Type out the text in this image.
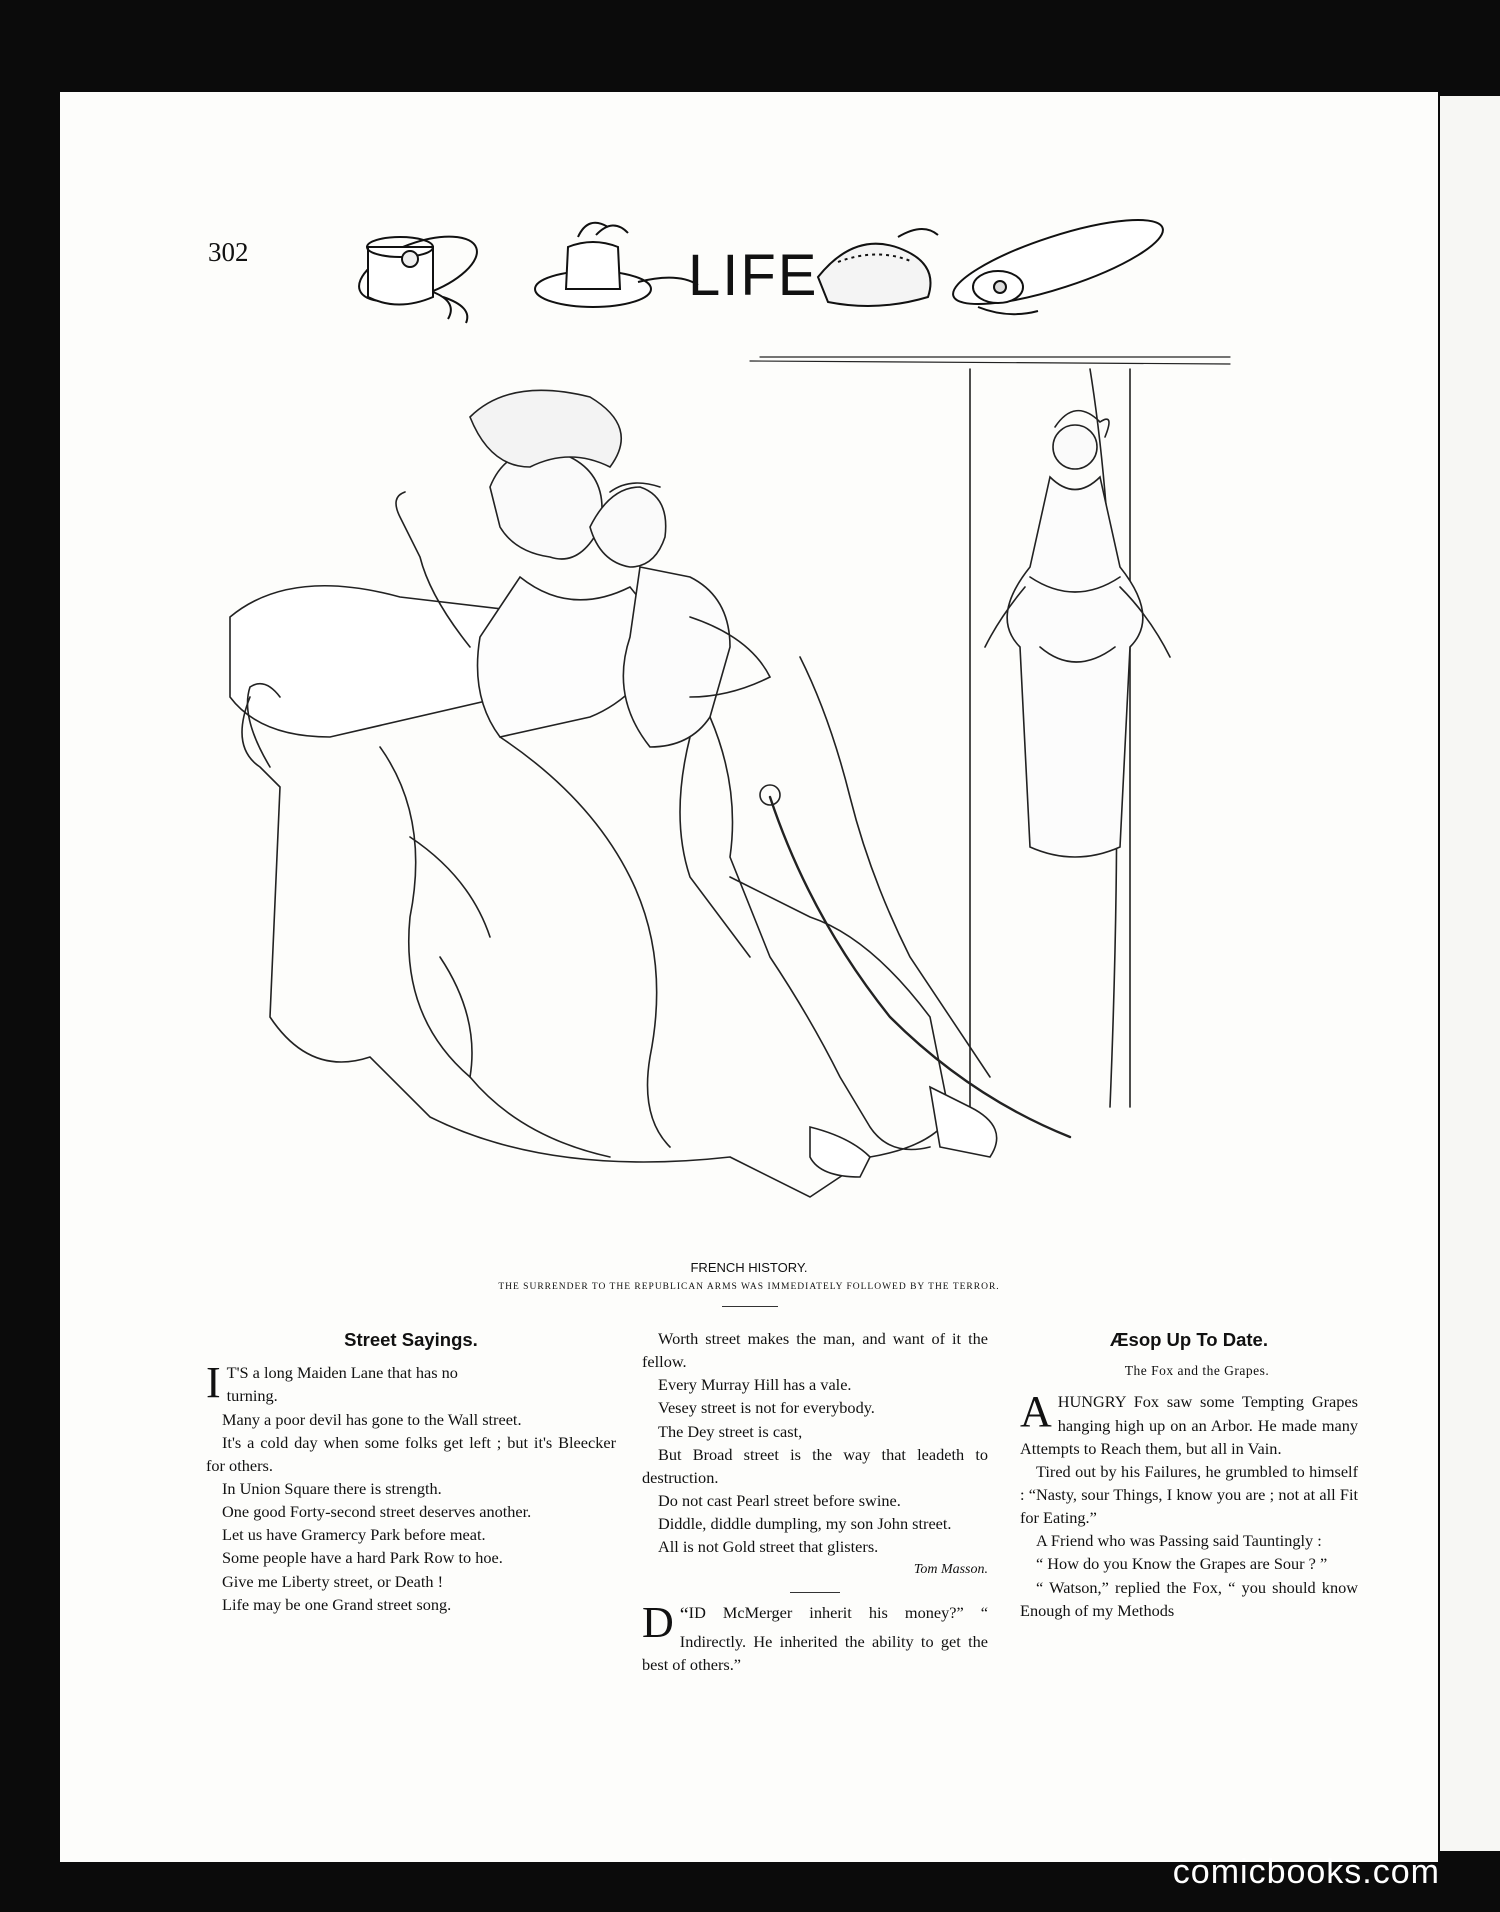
302	LIFE
FRENCH HISTORY.
THE SURRENDER TO THE REPUBLICAN ARMS WAS IMMEDIATELY FOLLOWED BY THE TERROR.
Street Sayings.

I T'S a long Maiden Lane that has no
turning.

Many a poor devil has gone to the Wall street.

It's a cold day when some folks get left ; but it's Bleecker for others.

In Union Square there is strength.

One good Forty-second street deserves another.

Let us have Gramercy Park before meat.

Some people have a hard Park Row to hoe.

Give me Liberty street, or Death !

Life may be one Grand street song.

Worth street makes the man, and want of it the fellow.

Every Murray Hill has a vale.

Vesey street is not for everybody.

The Dey street is cast,

But Broad street is the way that leadeth to destruction.

Do not cast Pearl street before swine.

Diddle, diddle dumpling, my son John street.

All is not Gold street that glisters.

Tom Masson.

“
D ID McMerger inherit his money?” “ Indirectly. He inherited the ability to get the best of others.”

Æsop Up To Date.

The Fox and the Grapes.

AHUNGRY Fox saw some Tempting Grapes hanging high up on an Arbor. He made many Attempts to Reach them, but all in Vain.

Tired out by his Failures, he grumbled to himself : “Nasty, sour Things, I know you are ; not at all Fit for Eating.”

A Friend who was Passing said Tauntingly :

“ How do you Know the Grapes are Sour ? ”

“ Watson,” replied the Fox, “ you should know Enough of my Methods

comicbooks.com
